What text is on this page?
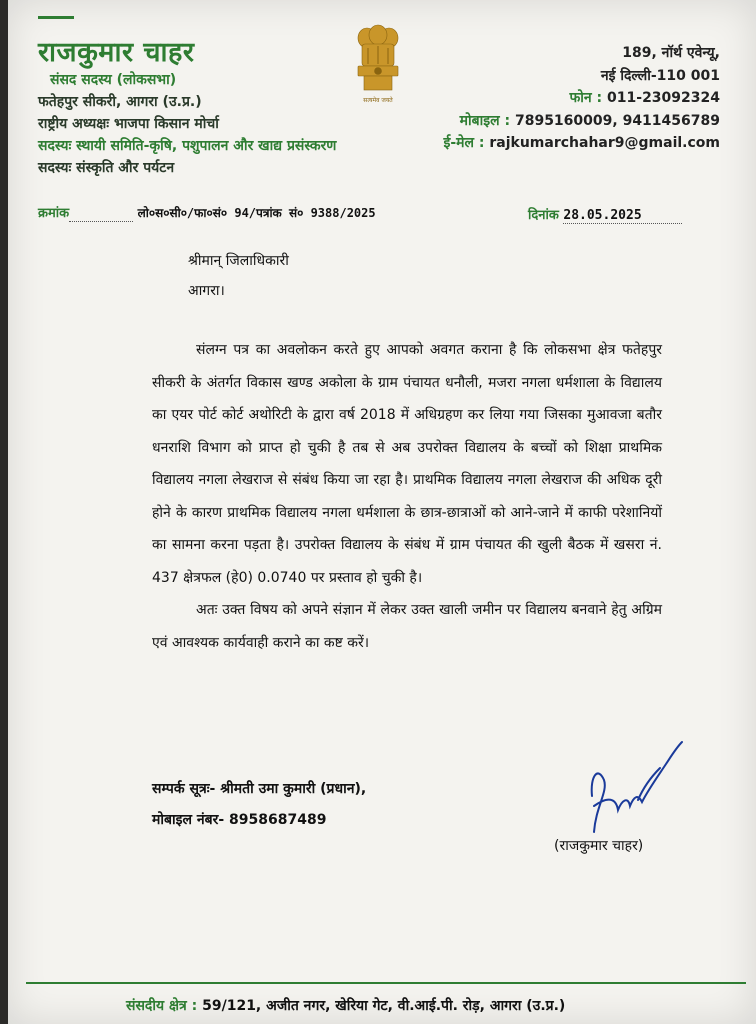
राजकुमार चाहर
संसद सदस्य (लोकसभा)
फतेहपुर सीकरी, आगरा (उ.प्र.)
राष्ट्रीय अध्यक्षः भाजपा किसान मोर्चा
सदस्यः स्थायी समिति-कृषि, पशुपालन और खाद्य प्रसंस्करण
सदस्यः संस्कृति और पर्यटन
सत्यमेव जयते
189, नॉर्थ एवेन्यू,
नई दिल्ली-110 001
फोन : 011-23092324
मोबाइल : 7895160009, 9411456789
ई-मेल : rajkumarchahar9@gmail.com
क्रमांक	लो०स०सी०/फा०सं० 94/पत्रांक सं० 9388/2025	दिनांक 28.05.2025
श्रीमान् जिलाधिकारी
आगरा।

संलग्न पत्र का अवलोकन करते हुए आपको अवगत कराना है कि लोकसभा क्षेत्र फतेहपुर सीकरी के अंतर्गत विकास खण्ड अकोला के ग्राम पंचायत धनौली, मजरा नगला धर्मशाला के विद्यालय का एयर पोर्ट कोर्ट अथोरिटी के द्वारा वर्ष 2018 में अधिग्रहण कर लिया गया जिसका मुआवजा बतौर धनराशि विभाग को प्राप्त हो चुकी है तब से अब उपरोक्त विद्यालय के बच्चों को शिक्षा प्राथमिक विद्यालय नगला लेखराज से संबंध किया जा रहा है। प्राथमिक विद्यालय नगला लेखराज की अधिक दूरी होने के कारण प्राथमिक विद्यालय नगला धर्मशाला के छात्र-छात्राओं को आने-जाने में काफी परेशानियों का सामना करना पड़ता है। उपरोक्त विद्यालय के संबंध में ग्राम पंचायत की खुली बैठक में खसरा नं. 437 क्षेत्रफल (हे0) 0.0740 पर प्रस्ताव हो चुकी है।

अतः उक्त विषय को अपने संज्ञान में लेकर उक्त खाली जमीन पर विद्यालय बनवाने हेतु अग्रिम एवं आवश्यक कार्यवाही कराने का कष्ट करें।

सम्पर्क सूत्रः- श्रीमती उमा कुमारी (प्रधान),
मोबाइल नंबर- 8958687489
(राजकुमार चाहर)
संसदीय क्षेत्र : 59/121, अजीत नगर, खेरिया गेट, वी.आई.पी. रोड़, आगरा (उ.प्र.)
